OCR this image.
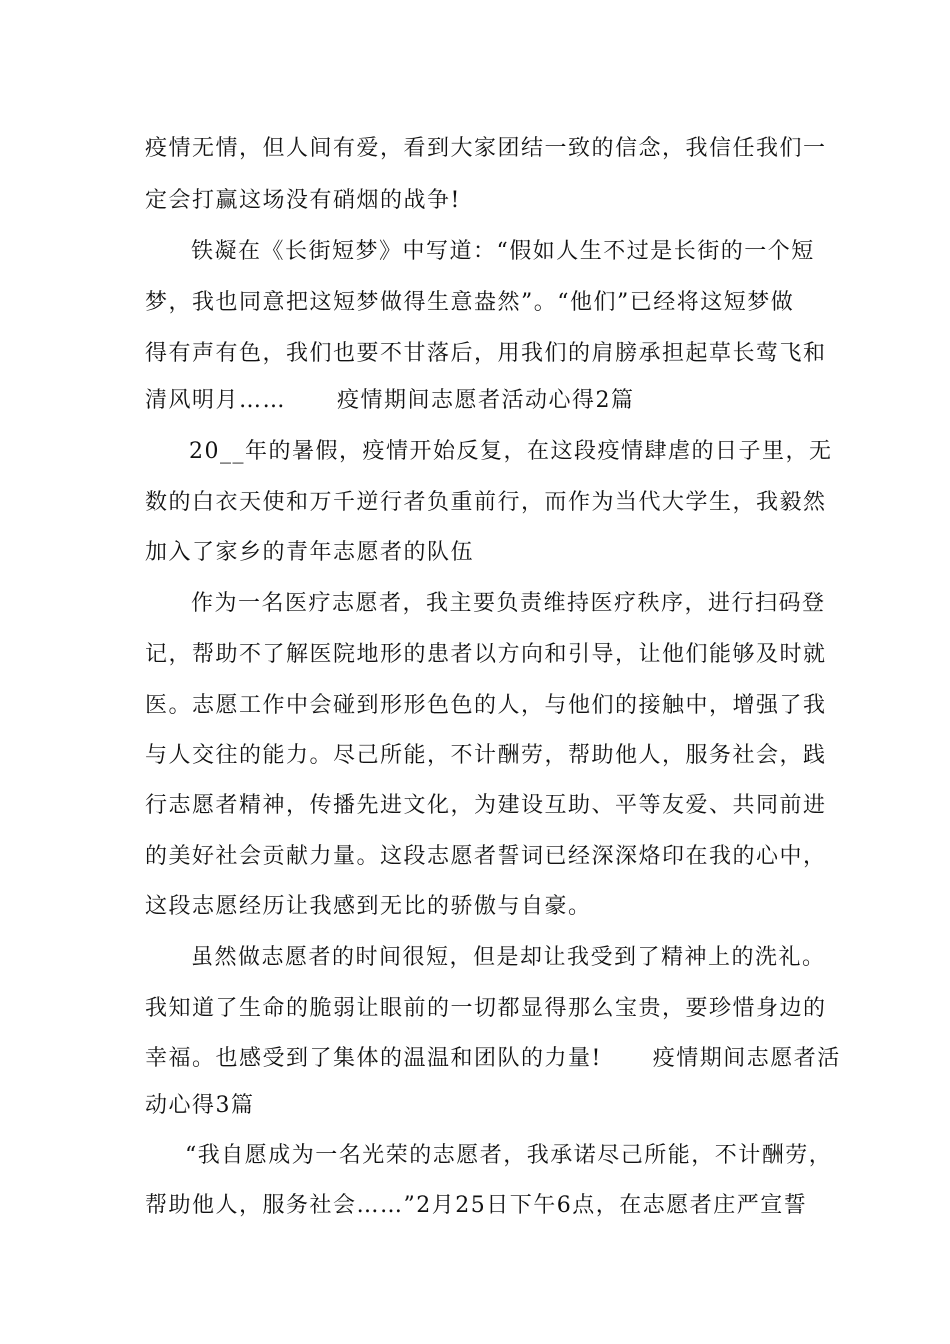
疫情无情，但人间有爱，看到大家团结一致的信念，我信任我们一
定会打赢这场没有硝烟的战争!
铁凝在《长街短梦》中写道：“假如人生不过是长街的一个短
梦，我也同意把这短梦做得生意盎然”。“他们”已经将这短梦做
得有声有色，我们也要不甘落后，用我们的肩膀承担起草长莺飞和
清风明月……      疫情期间志愿者活动心得2篇
20__年的暑假，疫情开始反复，在这段疫情肆虐的日子里，无
数的白衣天使和万千逆行者负重前行，而作为当代大学生，我毅然
加入了家乡的青年志愿者的队伍
作为一名医疗志愿者，我主要负责维持医疗秩序，进行扫码登
记，帮助不了解医院地形的患者以方向和引导，让他们能够及时就
医。志愿工作中会碰到形形色色的人，与他们的接触中，增强了我
与人交往的能力。尽己所能，不计酬劳，帮助他人，服务社会，践
行志愿者精神，传播先进文化，为建设互助、平等友爱、共同前进
的美好社会贡献力量。这段志愿者誓词已经深深烙印在我的心中，
这段志愿经历让我感到无比的骄傲与自豪。
虽然做志愿者的时间很短，但是却让我受到了精神上的洗礼。
我知道了生命的脆弱让眼前的一切都显得那么宝贵，要珍惜身边的
幸福。也感受到了集体的温温和团队的力量!      疫情期间志愿者活
动心得3篇
“我自愿成为一名光荣的志愿者，我承诺尽己所能，不计酬劳，
帮助他人，服务社会……”2月25日下午6点，在志愿者庄严宣誓
